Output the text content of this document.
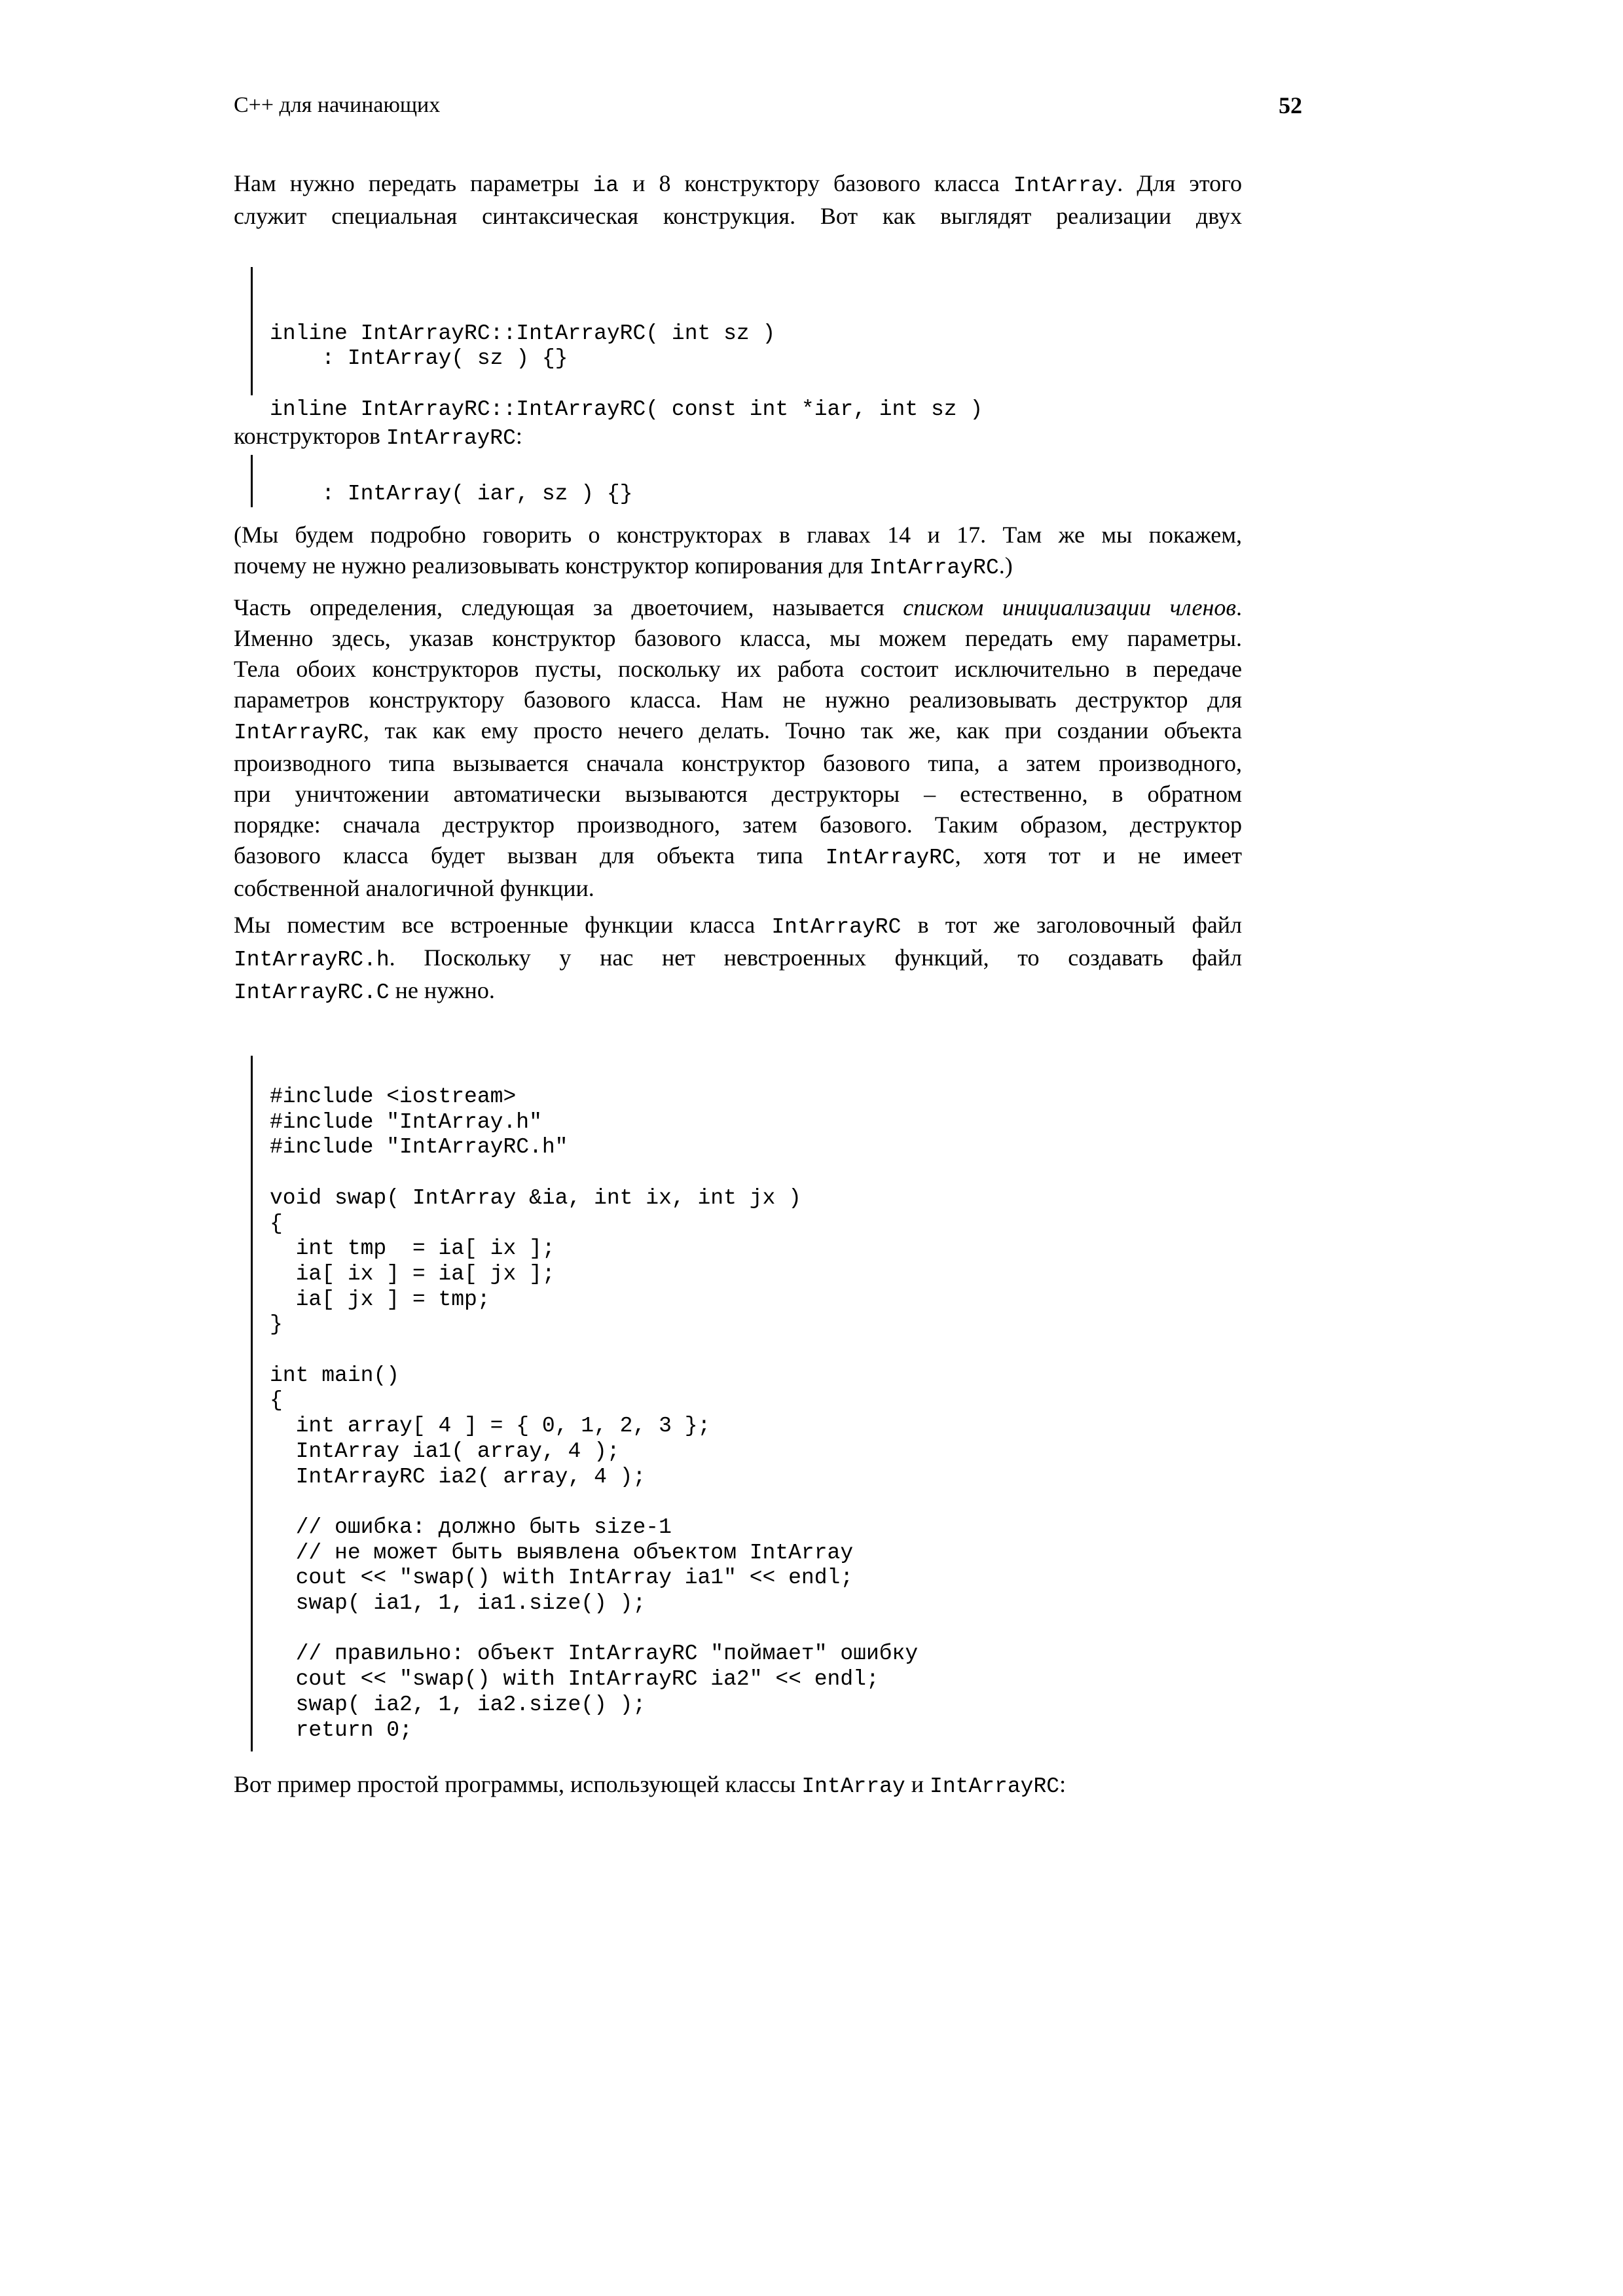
C++ для начинающих	52

Нам нужно передать параметры ia и 8 конструктору базового класса IntArray. Для этого
служит специальная синтаксическая конструкция. Вот как выглядят реализации двух

inline IntArrayRC::IntArrayRC( int sz )
: IntArray( sz ) {}

inline IntArrayRC::IntArrayRC( const int *iar, int sz )

конструкторов IntArrayRC:

: IntArray( iar, sz ) {}

(Мы будем подробно говорить о конструкторах в главах 14 и 17. Там же мы покажем,
почему не нужно реализовывать конструктор копирования для IntArrayRC.)

Часть определения, следующая за двоеточием, называется списком инициализации членов.
Именно здесь, указав конструктор базового класса, мы можем передать ему параметры.
Тела обоих конструкторов пусты, поскольку их работа состоит исключительно в передаче
параметров конструктору базового класса. Нам не нужно реализовывать деструктор для
IntArrayRC, так как ему просто нечего делать. Точно так же, как при создании объекта
производного типа вызывается сначала конструктор базового типа, а затем производного,
при уничтожении автоматически вызываются деструкторы – естественно, в обратном
порядке: сначала деструктор производного, затем базового. Таким образом, деструктор
базового класса будет вызван для объекта типа IntArrayRC, хотя тот и не имеет
собственной аналогичной функции.

Мы поместим все встроенные функции класса IntArrayRC в тот же заголовочный файл
IntArrayRC.h. Поскольку у нас нет невстроенных функций, то создавать файл
IntArrayRC.C не нужно.

#include <iostream>
#include "IntArray.h"
#include "IntArrayRC.h"

void swap( IntArray &ia, int ix, int jx )
{
int tmp  = ia[ ix ];
ia[ ix ] = ia[ jx ];
ia[ jx ] = tmp;
}

int main()
{
int array[ 4 ] = { 0, 1, 2, 3 };
IntArray ia1( array, 4 );
IntArrayRC ia2( array, 4 );

// ошибка: должно быть size-1
// не может быть выявлена объектом IntArray
cout << "swap() with IntArray ia1" << endl;
swap( ia1, 1, ia1.size() );

// правильно: объект IntArrayRC "поймает" ошибку
cout << "swap() with IntArrayRC ia2" << endl;
swap( ia2, 1, ia2.size() );
return 0;

Вот пример простой программы, использующей классы IntArray и IntArrayRC:
